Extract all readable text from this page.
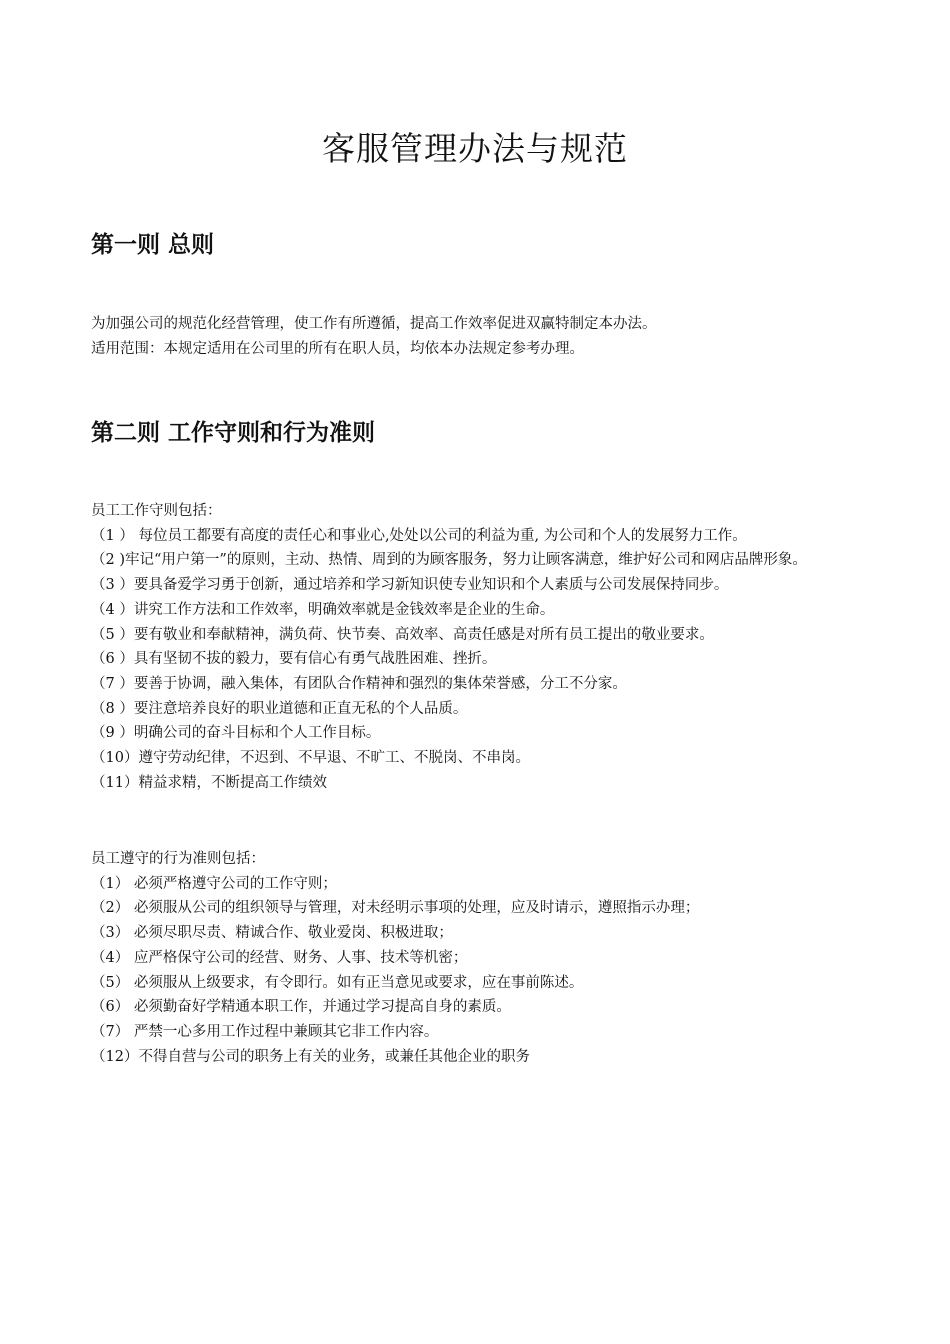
客服管理办法与规范
第一则 总则

为加强公司的规范化经营管理，使工作有所遵循，提高工作效率促进双赢特制定本办法。

适用范围：本规定适用在公司里的所有在职人员，均依本办法规定参考办理。

第二则 工作守则和行为准则

员工工作守则包括：

（1 ） 每位员工都要有高度的责任心和事业心,处处以公司的利益为重, 为公司和个人的发展努力工作。

（2 )牢记“用户第一”的原则，主动、热情、周到的为顾客服务，努力让顾客满意，维护好公司和网店品牌形象。

（3 ）要具备爱学习勇于创新，通过培养和学习新知识使专业知识和个人素质与公司发展保持同步。

（4 ）讲究工作方法和工作效率，明确效率就是金钱效率是企业的生命。

（5 ）要有敬业和奉献精神，满负荷、快节奏、高效率、高责任感是对所有员工提出的敬业要求。

（6 ）具有坚韧不拔的毅力，要有信心有勇气战胜困难、挫折。

（7 ）要善于协调，融入集体，有团队合作精神和强烈的集体荣誉感，分工不分家。

（8 ）要注意培养良好的职业道德和正直无私的个人品质。

（9 ）明确公司的奋斗目标和个人工作目标。

（10）遵守劳动纪律，不迟到、不早退、不旷工、不脱岗、不串岗。

（11）精益求精，不断提高工作绩效

员工遵守的行为准则包括：

（1） 必须严格遵守公司的工作守则；

（2） 必须服从公司的组织领导与管理，对未经明示事项的处理，应及时请示，遵照指示办理；

（3） 必须尽职尽责、精诚合作、敬业爱岗、积极进取；

（4） 应严格保守公司的经营、财务、人事、技术等机密；

（5） 必须服从上级要求，有令即行。如有正当意见或要求，应在事前陈述。

（6） 必须勤奋好学精通本职工作，并通过学习提高自身的素质。

（7） 严禁一心多用工作过程中兼顾其它非工作内容。

（12）不得自营与公司的职务上有关的业务，或兼任其他企业的职务
